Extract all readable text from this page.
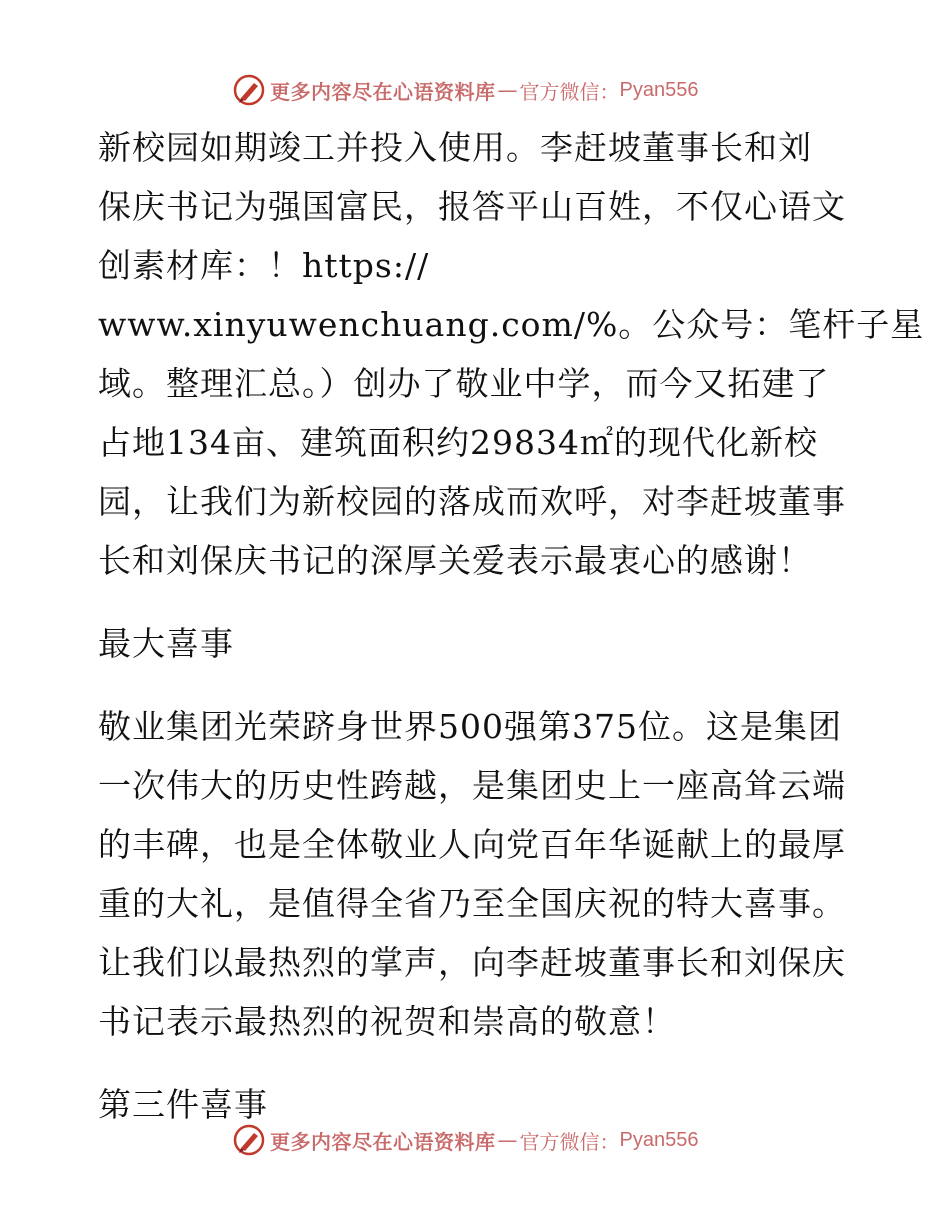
更多内容尽在心语资料库 — 官方微信： Pyan556
新校园如期竣工并投入使用。李赶坡董事长和刘
保庆书记为强国富民，报答平山百姓，不仅心语文
创素材库：！https://
www.xinyuwenchuang.com/%。公众号：笔杆子星
域。整理汇总。）创办了敬业中学，而今又拓建了
占地134亩、建筑面积约29834㎡的现代化新校
园，让我们为新校园的落成而欢呼，对李赶坡董事
长和刘保庆书记的深厚关爱表示最衷心的感谢！
最大喜事
敬业集团光荣跻身世界500强第375位。这是集团
一次伟大的历史性跨越，是集团史上一座高耸云端
的丰碑，也是全体敬业人向党百年华诞献上的最厚
重的大礼，是值得全省乃至全国庆祝的特大喜事。
让我们以最热烈的掌声，向李赶坡董事长和刘保庆
书记表示最热烈的祝贺和崇高的敬意！
第三件喜事
更多内容尽在心语资料库 — 官方微信： Pyan556
